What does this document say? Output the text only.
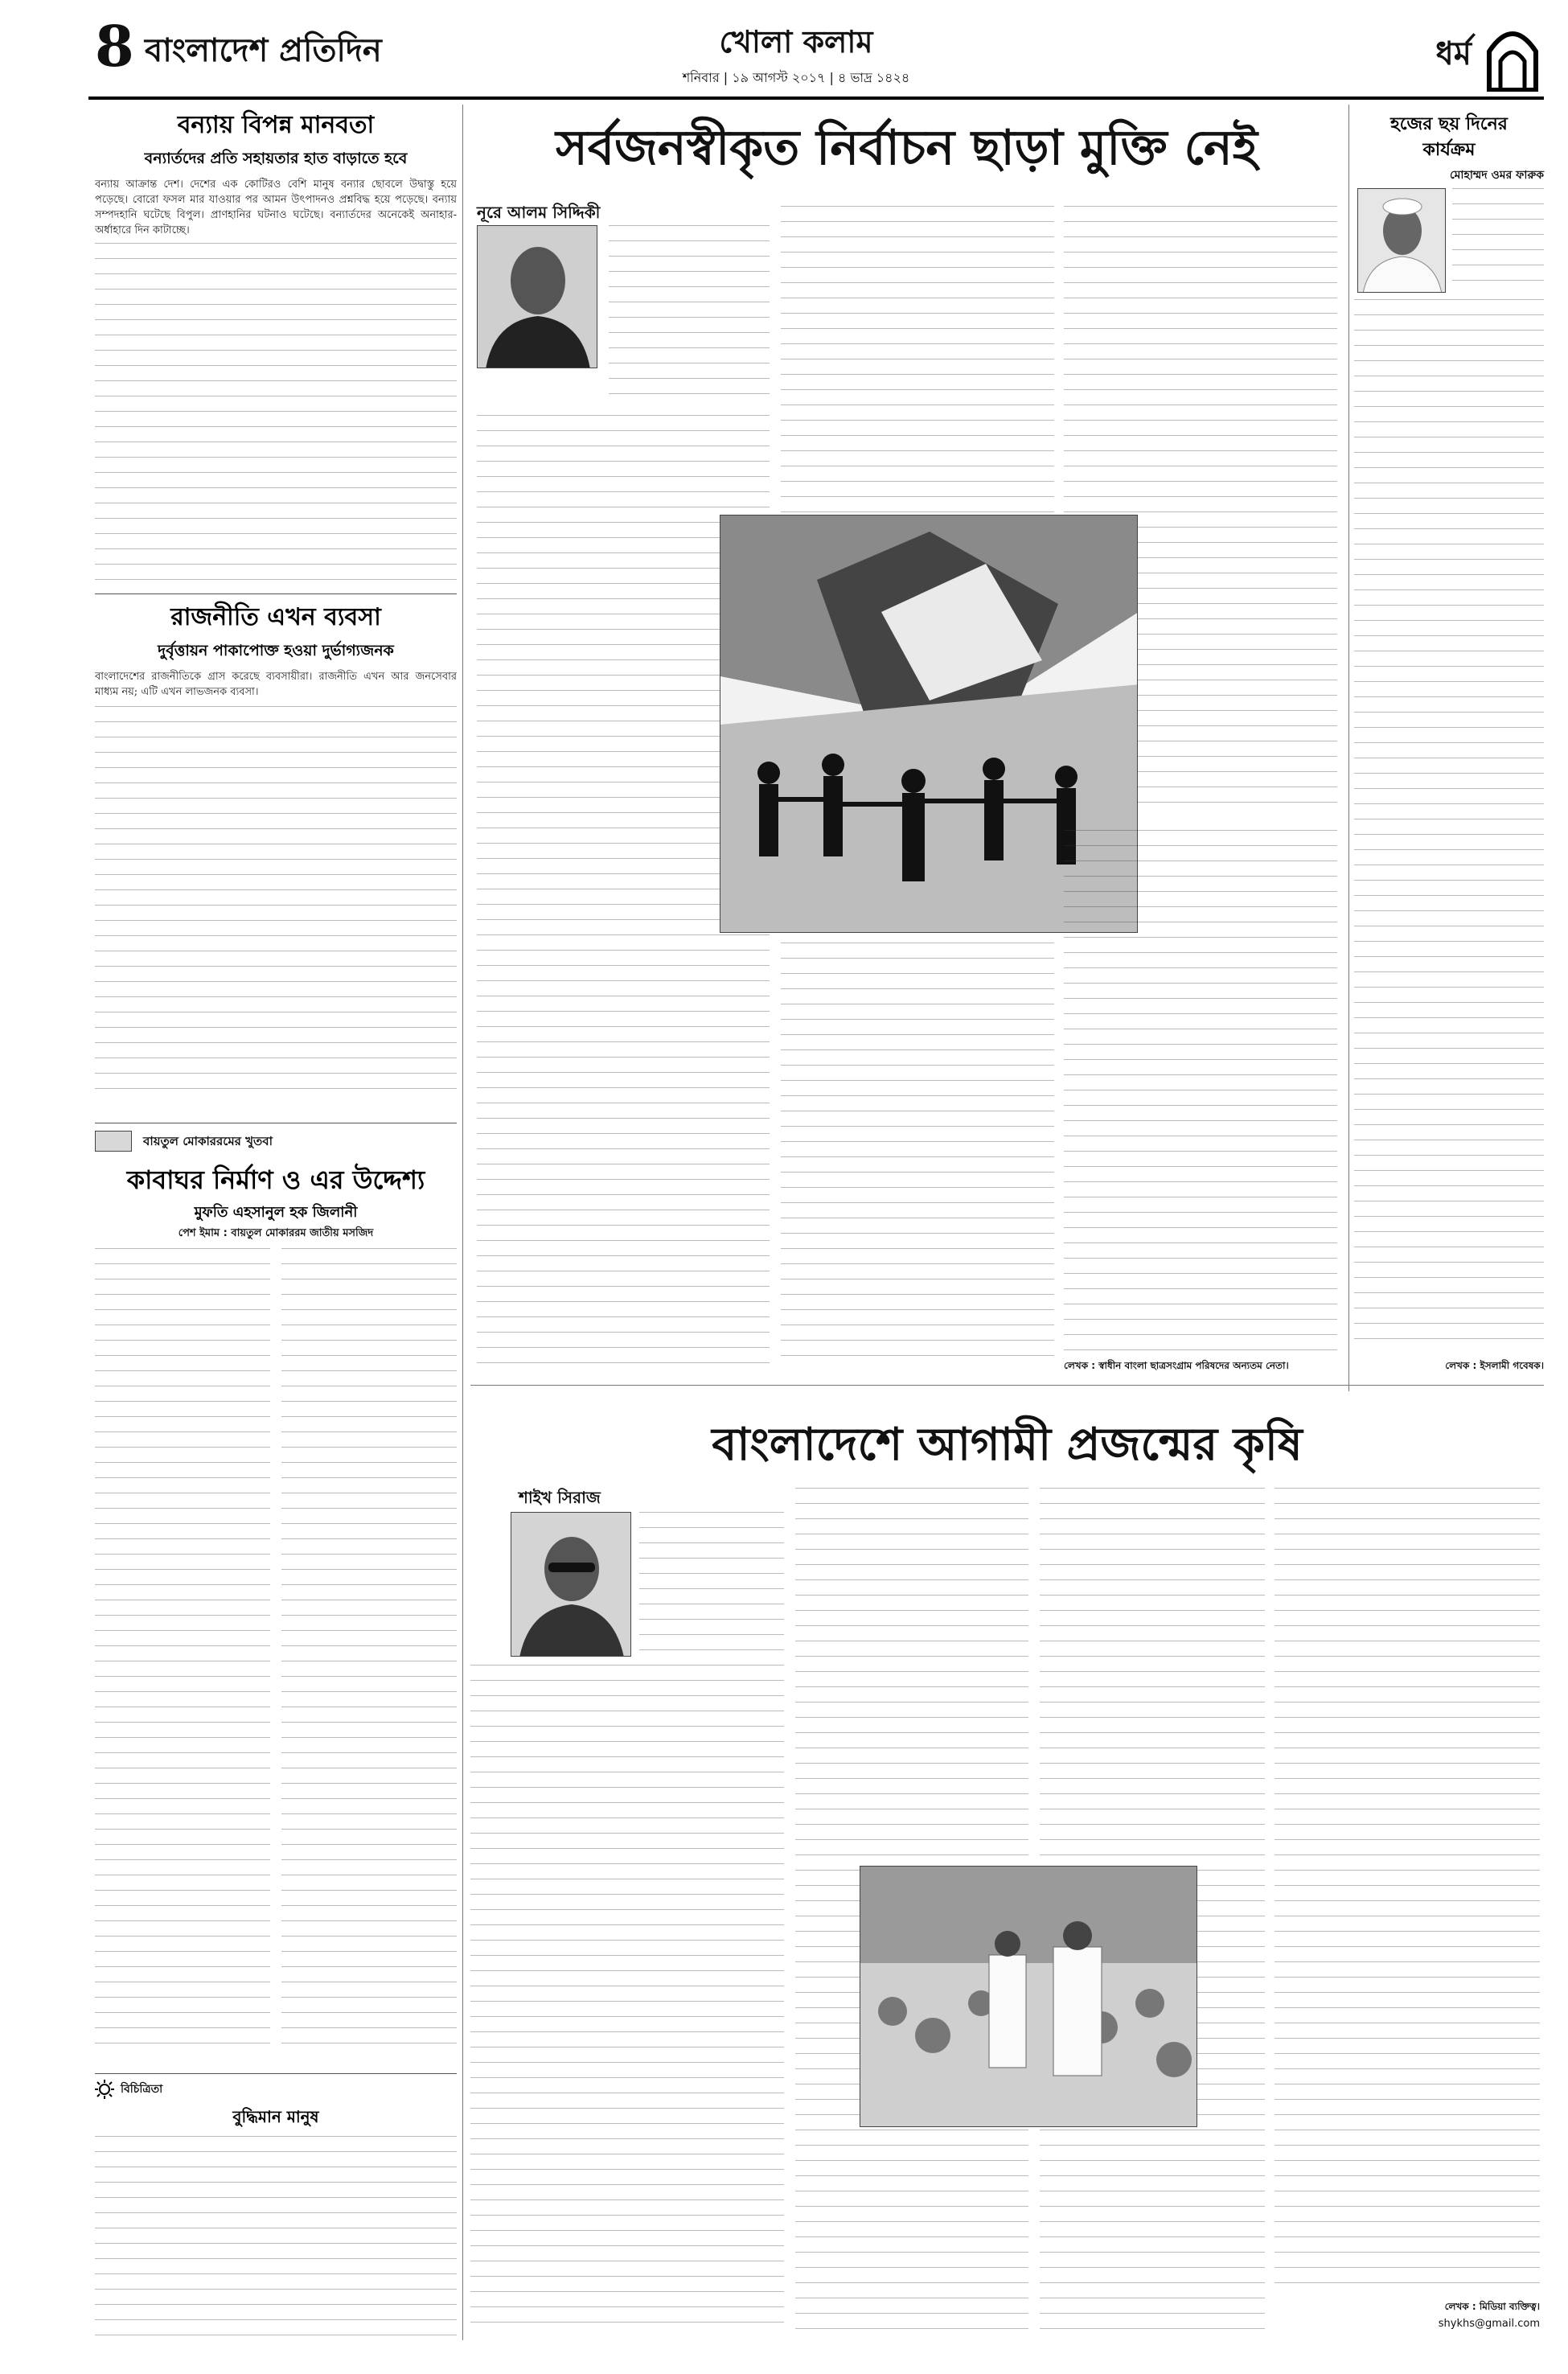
8 বাংলাদেশ প্রতিদিন	খোলা কলাম
শনিবার | ১৯ আগস্ট ২০১৭ | ৪ ভাদ্র ১৪২৪
ধর্ম
বন্যায় বিপন্ন মানবতা
বন্যার্তদের প্রতি সহায়তার হাত বাড়াতে হবে
বন্যায় আক্রান্ত দেশ। দেশের এক কোটিরও বেশি মানুষ বন্যার ছোবলে উদ্বাস্তু হয়ে পড়েছে। বোরো ফসল মার যাওয়ার পর আমন উৎপাদনও প্রশ্নবিদ্ধ হয়ে পড়েছে। বন্যায় সম্পদহানি ঘটেছে বিপুল। প্রাণহানির ঘটনাও ঘটেছে। বন্যার্তদের অনেকেই অনাহার-অর্ধাহারে দিন কাটাচ্ছে।
রাজনীতি এখন ব্যবসা
দুর্বৃত্তায়ন পাকাপোক্ত হওয়া দুর্ভাগ্যজনক
বাংলাদেশের রাজনীতিকে গ্রাস করেছে ব্যবসায়ীরা। রাজনীতি এখন আর জনসেবার মাধ্যম নয়; এটি এখন লাভজনক ব্যবসা।
বায়তুল মোকাররমের খুতবা
কাবাঘর নির্মাণ ও এর উদ্দেশ্য
মুফতি এহসানুল হক জিলানী
পেশ ইমাম : বায়তুল মোকাররম জাতীয় মসজিদ
বিচিত্রিতা
বুদ্ধিমান মানুষ
সর্বজনস্বীকৃত নির্বাচন ছাড়া মুক্তি নেই
নূরে আলম সিদ্দিকী
লেখক : স্বাধীন বাংলা ছাত্রসংগ্রাম পরিষদের অন্যতম নেতা।
হজের ছয় দিনের
কার্যক্রম
মোহাম্মদ ওমর ফারুক
লেখক : ইসলামী গবেষক।
বাংলাদেশে আগামী প্রজন্মের কৃষি
শাইখ সিরাজ
লেখক : মিডিয়া ব্যক্তিত্ব।
shykhs@gmail.com
